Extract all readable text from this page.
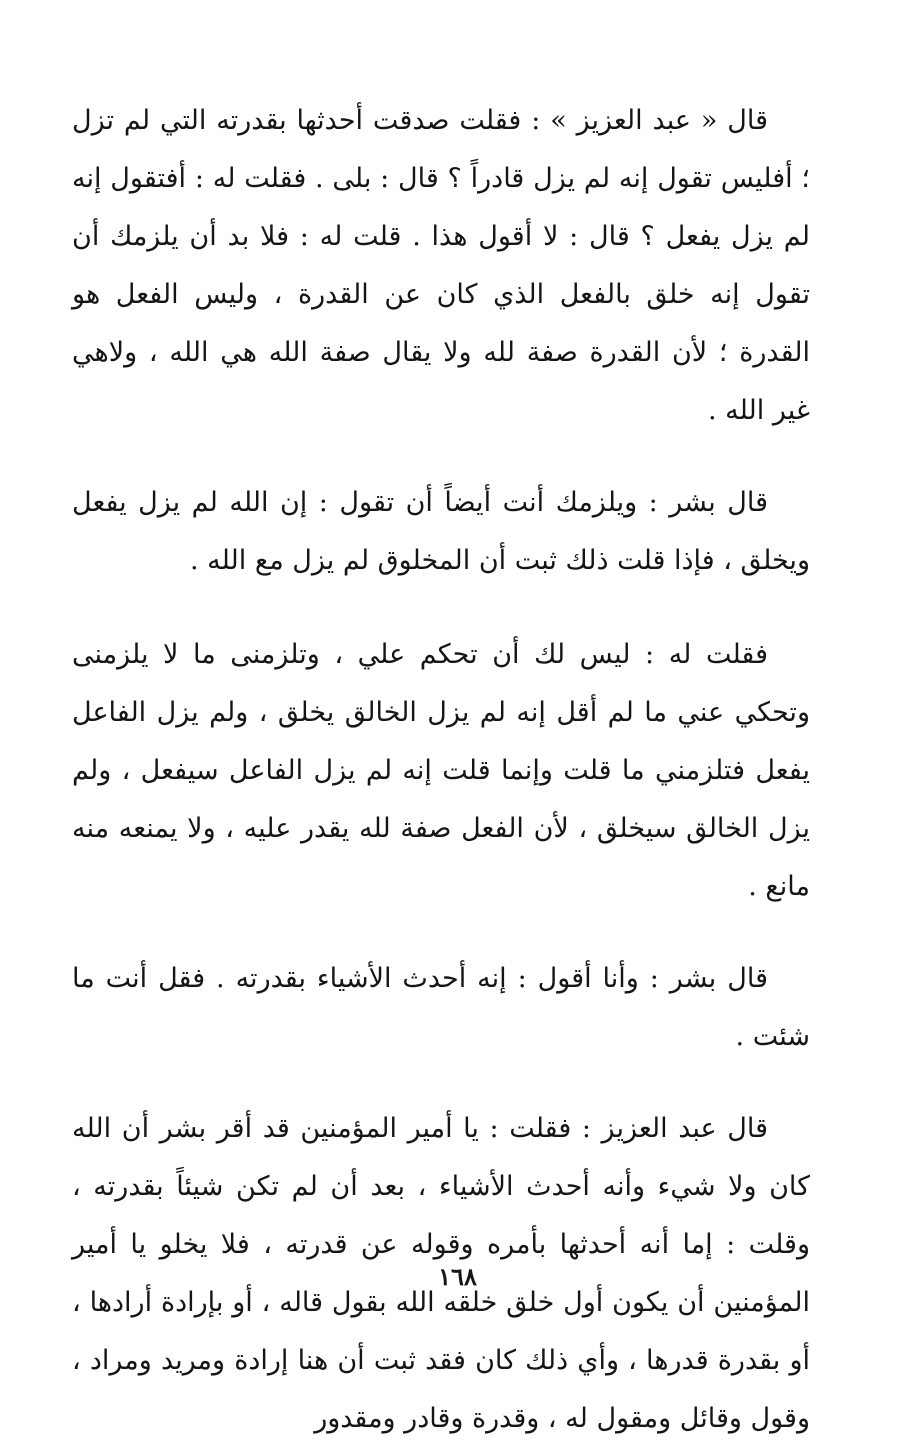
قال « عبد العزيز » : فقلت صدقت أحدثها بقدرته التي لم تزل ؛ أفليس تقول إنه لم يزل قادراً ؟ قال : بلى . فقلت له : أفتقول إنه لم يزل يفعل ؟ قال : لا أقول هذا . قلت له : فلا بد أن يلزمك أن تقول إنه خلق بالفعل الذي كان عن القدرة ، وليس الفعل هو القدرة ؛ لأن القدرة صفة لله ولا يقال صفة الله هي الله ، ولاهي غير الله .

قال بشر : ويلزمك أنت أيضاً أن تقول : إن الله لم يزل يفعل ويخلق ، فإذا قلت ذلك ثبت أن المخلوق لم يزل مع الله .

فقلت له : ليس لك أن تحكم علي ، وتلزمنى ما لا يلزمنى وتحكي عني ما لم أقل إنه لم يزل الخالق يخلق ، ولم يزل الفاعل يفعل فتلزمني ما قلت وإنما قلت إنه لم يزل الفاعل سيفعل ، ولم يزل الخالق سيخلق ، لأن الفعل صفة لله يقدر عليه ، ولا يمنعه منه مانع .

قال بشر : وأنا أقول : إنه أحدث الأشياء بقدرته . فقل أنت ما شئت .

قال عبد العزيز : فقلت : يا أمير المؤمنين قد أقر بشر أن الله كان ولا شيء وأنه أحدث الأشياء ، بعد أن لم تكن شيئاً بقدرته ، وقلت : إما أنه أحدثها بأمره وقوله عن قدرته ، فلا يخلو يا أمير المؤمنين أن يكون أول خلق خلقه الله بقول قاله ، أو بإرادة أرادها ، أو بقدرة قدرها ، وأي ذلك كان فقد ثبت أن هنا إرادة ومريد ومراد ، وقول وقائل ومقول له ، وقدرة وقادر ومقدور

١٦٨
